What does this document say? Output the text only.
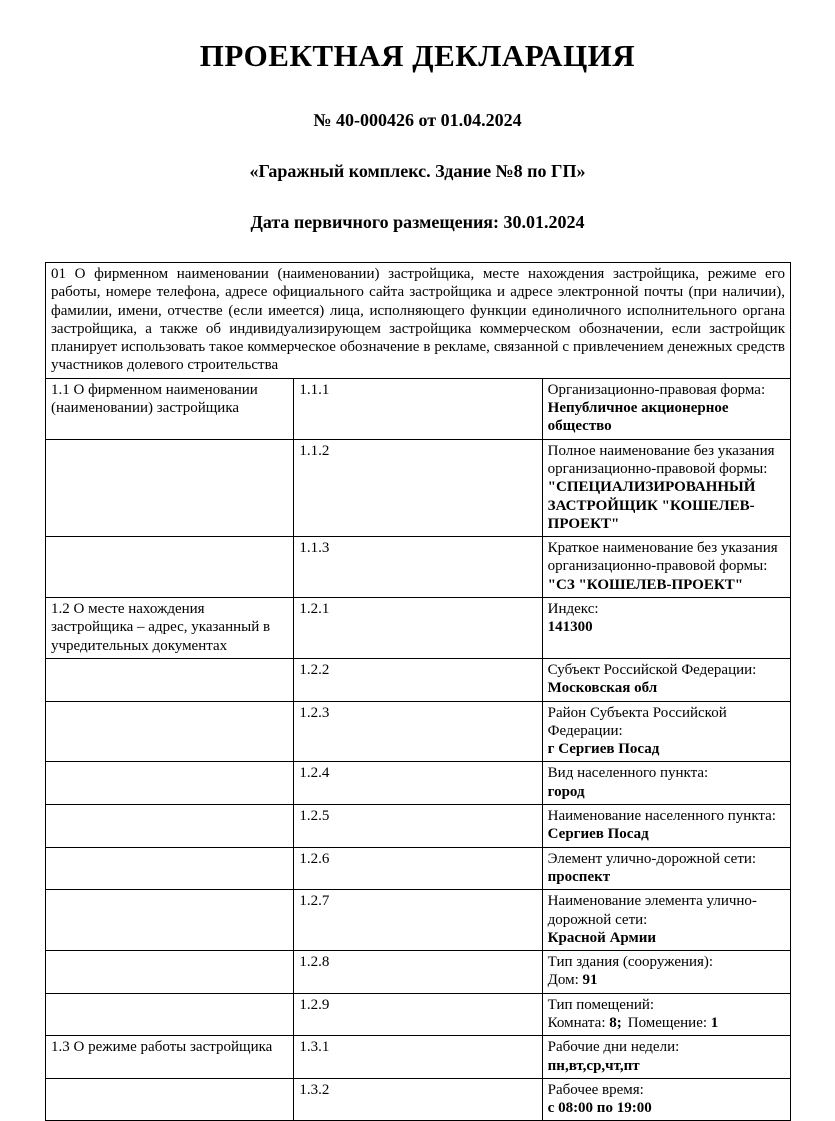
ПРОЕКТНАЯ ДЕКЛАРАЦИЯ

№ 40-000426 от 01.04.2024

«Гаражный комплекс. Здание №8 по ГП»

Дата первичного размещения: 30.01.2024

01 О фирменном наименовании (наименовании) застройщика, месте нахождения застройщика, режиме его работы, номере телефона, адресе официального сайта застройщика и адресе электронной почты (при наличии), фамилии, имени, отчестве (если имеется) лица, исполняющего функции единоличного исполнительного органа застройщика, а также об индивидуализирующем застройщика коммерческом обозначении, если застройщик планирует использовать такое коммерческое обозначение в рекламе, связанной с привлечением денежных средств участников долевого строительства		
1.1 О фирменном наименовании (наименовании) застройщика	1.1.1	Организационно-правовая форма:
Непубличное акционерное общество

	1.1.2	Полное наименование без указания организационно-правовой формы:
"СПЕЦИАЛИЗИРОВАННЫЙ ЗАСТРОЙЩИК "КОШЕЛЕВ-ПРОЕКТ"

	1.1.3	Краткое наименование без указания организационно-правовой формы:
"СЗ "КОШЕЛЕВ-ПРОЕКТ"

1.2 О месте нахождения застройщика – адрес, указанный в учредительных документах	1.2.1	Индекс:
141300

	1.2.2	Субъект Российской Федерации:
Московская обл

	1.2.3	Район Субъекта Российской Федерации:
г Сергиев Посад

	1.2.4	Вид населенного пункта:
город

	1.2.5	Наименование населенного пункта:
Сергиев Посад

	1.2.6	Элемент улично-дорожной сети:
проспект

	1.2.7	Наименование элемента улично-дорожной сети:
Красной Армии

	1.2.8	Тип здания (сооружения):
Дом: 91

	1.2.9	Тип помещений:
Комната: 8; Помещение: 1

1.3 О режиме работы застройщика	1.3.1	Рабочие дни недели:
пн,вт,ср,чт,пт

	1.3.2	Рабочее время:
с 08:00 по 19:00
